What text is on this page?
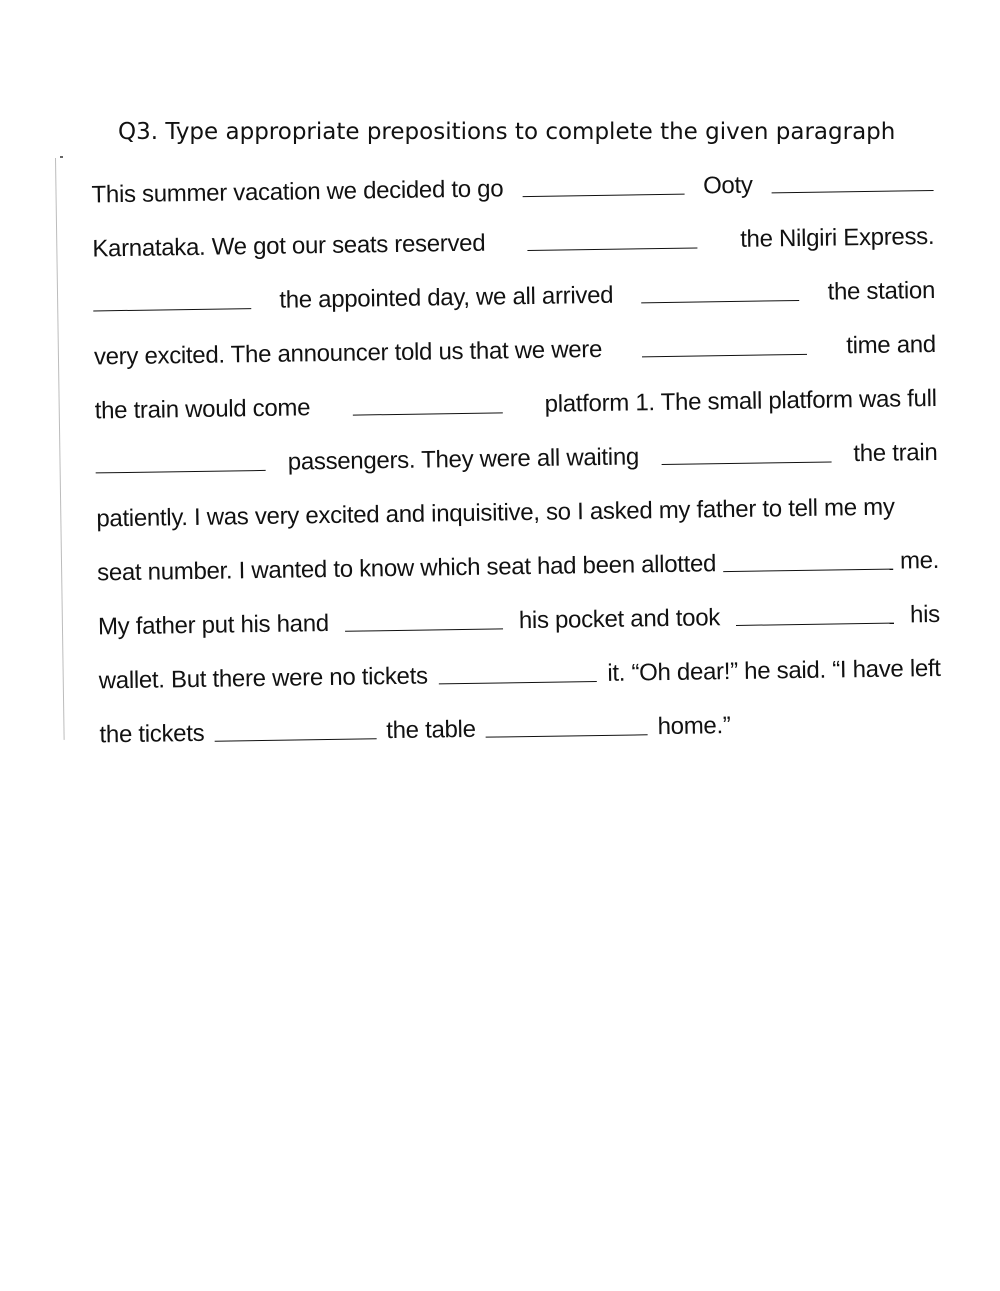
Q3. Type appropriate prepositions to complete the given paragraph
This summer vacation we decided to go	Ooty
Karnataka. We got our seats reserved	the Nilgiri Express.
the appointed day, we all arrived	the station
very excited. The announcer told us that we were	time and
the train would come	platform 1. The small platform was full
passengers. They were all waiting	the train
patiently. I was very excited and inquisitive, so I asked my father to tell me my
seat number. I wanted to know which seat had been allotted	me.
My father put his hand	his pocket and took	his
wallet. But there were no tickets	it. “Oh dear!” he said. “I have left
the tickets	the table	home.”
